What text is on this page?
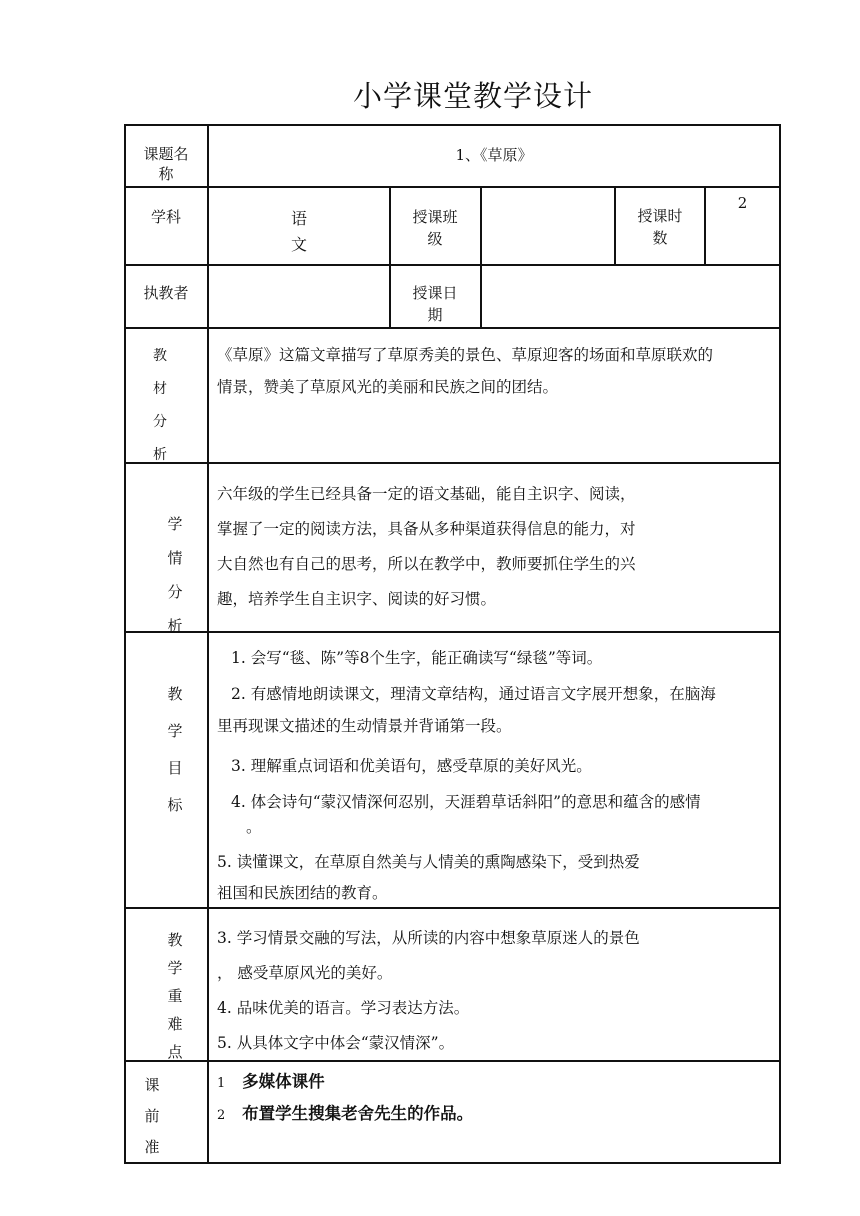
小学课堂教学设计
课题名
称
1、《草原》
学科	语
文
授课班
级
授课时
数
2
执教者	授课日
期
教
材
分
析
《草原》这篇文章描写了草原秀美的景色、草原迎客的场面和草原联欢的
情景，赞美了草原风光的美丽和民族之间的团结。
学
情
分
析
六年级的学生已经具备一定的语文基础，能自主识字、阅读，
掌握了一定的阅读方法，具备从多种渠道获得信息的能力，对
大自然也有自己的思考，所以在教学中，教师要抓住学生的兴
趣，培养学生自主识字、阅读的好习惯。
教
学
目
标
1. 会写“毯、陈”等8个生字，能正确读写“绿毯”等词。
2. 有感情地朗读课文，理清文章结构，通过语言文字展开想象，在脑海
里再现课文描述的生动情景并背诵第一段。
3. 理解重点词语和优美语句，感受草原的美好风光。
4. 体会诗句“蒙汉情深何忍别，天涯碧草话斜阳”的意思和蕴含的感情
。
5. 读懂课文，在草原自然美与人情美的熏陶感染下，受到热爱
祖国和民族团结的教育。
教
学
重
难
点
3. 学习情景交融的写法，从所读的内容中想象草原迷人的景色
， 感受草原风光的美好。
4. 品味优美的语言。学习表达方法。
5. 从具体文字中体会“蒙汉情深”。
课
前
准
1 多媒体课件
2 布置学生搜集老舍先生的作品。
